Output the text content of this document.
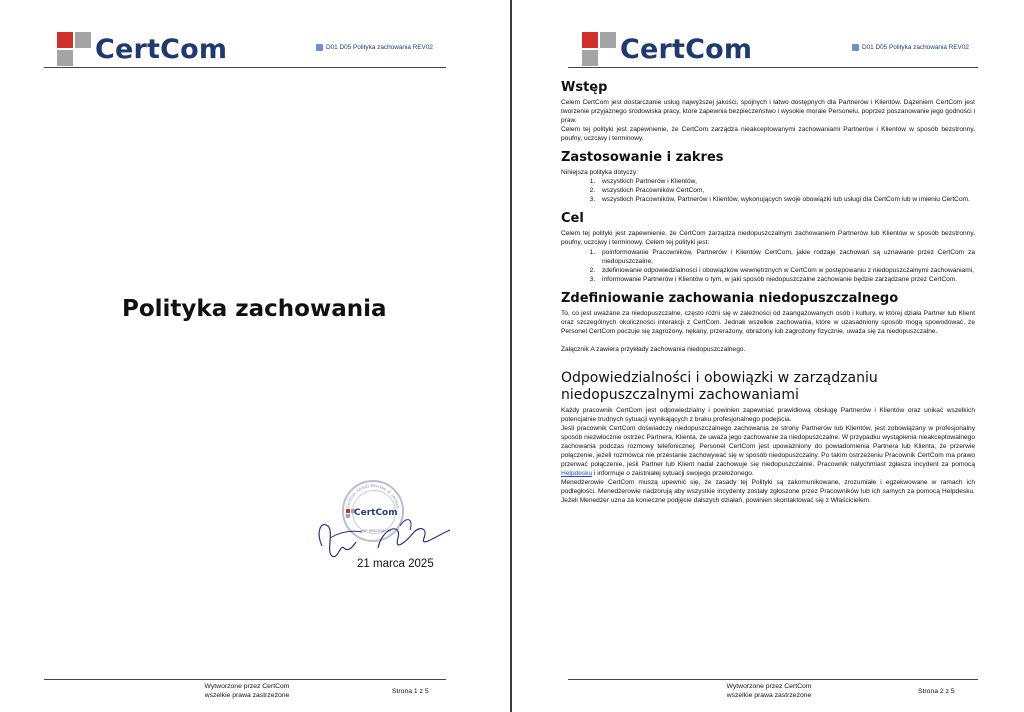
CertCom	D01 D05 Polityka zachowania REV02
Polityka zachowania
CertCom, 50-542 Wrocław, ul. Jordana
CertCom
NIP 8992918285
21 marca 2025
Wytworzone przez CertCom
wszelkie prawa zastrzeżone
Strona 1 z 5
CertCom	D01 D05 Polityka zachowania REV02
Wstęp

Celem CertCom jest dostarczanie usług najwyższej jakości, spójnych i łatwo dostępnych dla Partnerów i Klientów. Dążeniem CertCom jest tworzenie przyjaznego środowiska pracy, które zapewnia bezpieczeństwo i wysokie morale Personelu, poprzez poszanowanie jego godności i praw.

Celem tej polityki jest zapewnienie, że CertCom zarządza nieakceptowanymi zachowaniami Partnerów i Klientów w sposób bezstronny, poufny, uczciwy i terminowy.

Zastosowanie i zakres

Niniejsza polityka dotyczy:

1. wszystkich Partnerów i Klientów,
2. wszystkich Pracowników CertCom,
3. wszystkich Pracowników, Partnerów i Klientów, wykonujących swoje obowiązki lub usługi dla CertCom lub w imieniu CertCom.
Cel

Celem tej polityki jest zapewnienie, że CertCom zarządza niedopuszczalnym zachowaniem Partnerów lub Klientów w sposób bezstronny, poufny, uczciwy i terminowy. Celem tej polityki jest:

1. poinformowanie Pracowników, Partnerów i Klientów CertCom, jakie rodzaje zachowań są uznawane przez CertCom za niedopuszczalne,
2. zdefiniowanie odpowiedzialności i obowiązków wewnętrznych w CertCom w postępowaniu z niedopuszczalnymi zachowaniami,
3. informowanie Partnerów i Klientów o tym, w jaki sposób niedopuszczalne zachowanie będzie zarządzane przez CertCom.
Zdefiniowanie zachowania niedopuszczalnego

To, co jest uważane za niedopuszczalne, często różni się w zależności od zaangażowanych osób i kultury, w której działa Partner lub Klient oraz szczególnych okoliczności interakcji z CertCom. Jednak wszelkie zachowania, które w uzasadniony sposób mogą spowodować, że Personel CertCom poczuje się zagrożony, nękany, przerażony, obrażony lub zagrożony fizycznie, uważa się za niedopuszczalne.

Załącznik A zawiera przykłady zachowania niedopuszczalnego.

Odpowiedzialności i obowiązki w zarządzaniu
niedopuszczalnymi zachowaniami

Każdy pracownik CertCom jest odpowiedzialny i powinien zapewniać prawidłową obsługę Partnerów i Klientów oraz unikać wszelkich potencjalnie trudnych sytuacji wynikających z braku profesjonalnego podejścia.

Jeśli pracownik CertCom doświadczy niedopuszczalnego zachowania ze strony Partnerów lub Klientów, jest zobowiązany w profesjonalny sposób niezwłocznie ostrzec Partnera, Klienta, że uważa jego zachowanie za niedopuszczalne. W przypadku wystąpienia nieakceptowalnego zachowania podczas rozmowy telefonicznej, Personel CertCom jest upoważniony do powiadomienia Partnera lub Klienta, że przerwie połączenie, jeżeli rozmówca nie przestanie zachowywać się w sposób niedopuszczalny. Po takim ostrzeżeniu Pracownik CertCom ma prawo przerwać połączenie, jeśli Partner lub Klient nadal zachowuje się niedopuszczalnie. Pracownik natychmiast zgłasza incydent za pomocą Helpdesku i informuje o zaistniałej sytuacji swojego przełożonego.

Menedżerowie CertCom muszą upewnić się, że zasady tej Polityki są zakomunikowane, zrozumiałe i egzekwowane w ramach ich podległości. Menedżerowie nadzorują aby wszystkie incydenty zostały zgłoszone przez Pracowników lub ich samych za pomocą Helpdesku. Jeżeli Menedżer uzna za konieczne podjęcie dalszych działań, powinien skontaktować się z Właścicielem.

Wytworzone przez CertCom
wszelkie prawa zastrzeżone
Strona 2 z 5
